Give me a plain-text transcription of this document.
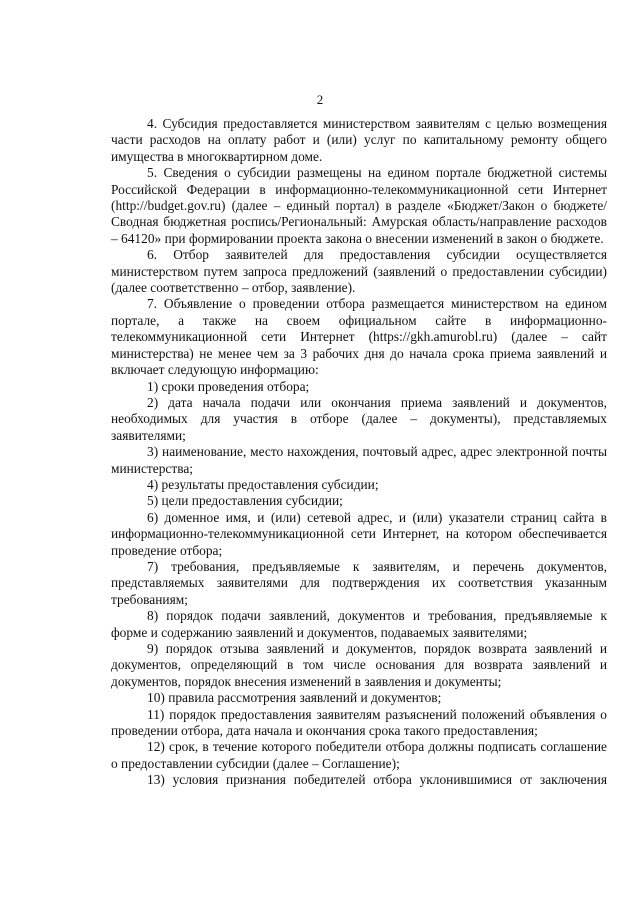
2

4. Субсидия предоставляется министерством заявителям с целью возмещения части расходов на оплату работ и (или) услуг по капитальному ремонту общего имущества в многоквартирном доме.

5. Сведения о субсидии размещены на едином портале бюджетной системы Российской Федерации в информационно-телекоммуникационной сети Интернет (http://budget.gov.ru) (далее – единый портал) в разделе «Бюджет/Закон о бюджете/Сводная бюджетная роспись/Региональный: Амурская область/направление расходов – 64120» при формировании проекта закона о внесении изменений в закон о бюджете.

6. Отбор заявителей для предоставления субсидии осуществляется министерством путем запроса предложений (заявлений о предоставлении субсидии) (далее соответственно – отбор, заявление).

7. Объявление о проведении отбора размещается министерством на едином портале, а также на своем официальном сайте в информационно-телекоммуникационной сети Интернет (https://gkh.amurobl.ru) (далее – сайт министерства) не менее чем за 3 рабочих дня до начала срока приема заявлений и включает следующую информацию:

1) сроки проведения отбора;

2) дата начала подачи или окончания приема заявлений и документов, необходимых для участия в отборе (далее – документы), представляемых заявителями;

3) наименование, место нахождения, почтовый адрес, адрес электронной почты министерства;

4) результаты предоставления субсидии;

5) цели предоставления субсидии;

6) доменное имя, и (или) сетевой адрес, и (или) указатели страниц сайта в информационно-телекоммуникационной сети Интернет, на котором обеспечивается проведение отбора;

7) требования, предъявляемые к заявителям, и перечень документов, представляемых заявителями для подтверждения их соответствия указанным требованиям;

8) порядок подачи заявлений, документов и требования, предъявляемые к форме и содержанию заявлений и документов, подаваемых заявителями;

9) порядок отзыва заявлений и документов, порядок возврата заявлений и документов, определяющий в том числе основания для возврата заявлений и документов, порядок внесения изменений в заявления и документы;

10) правила рассмотрения заявлений и документов;

11) порядок предоставления заявителям разъяснений положений объявления о проведении отбора, дата начала и окончания срока такого предоставления;

12) срок, в течение которого победители отбора должны подписать соглашение о предоставлении субсидии (далее – Соглашение);

13) условия признания победителей отбора уклонившимися от заключения
